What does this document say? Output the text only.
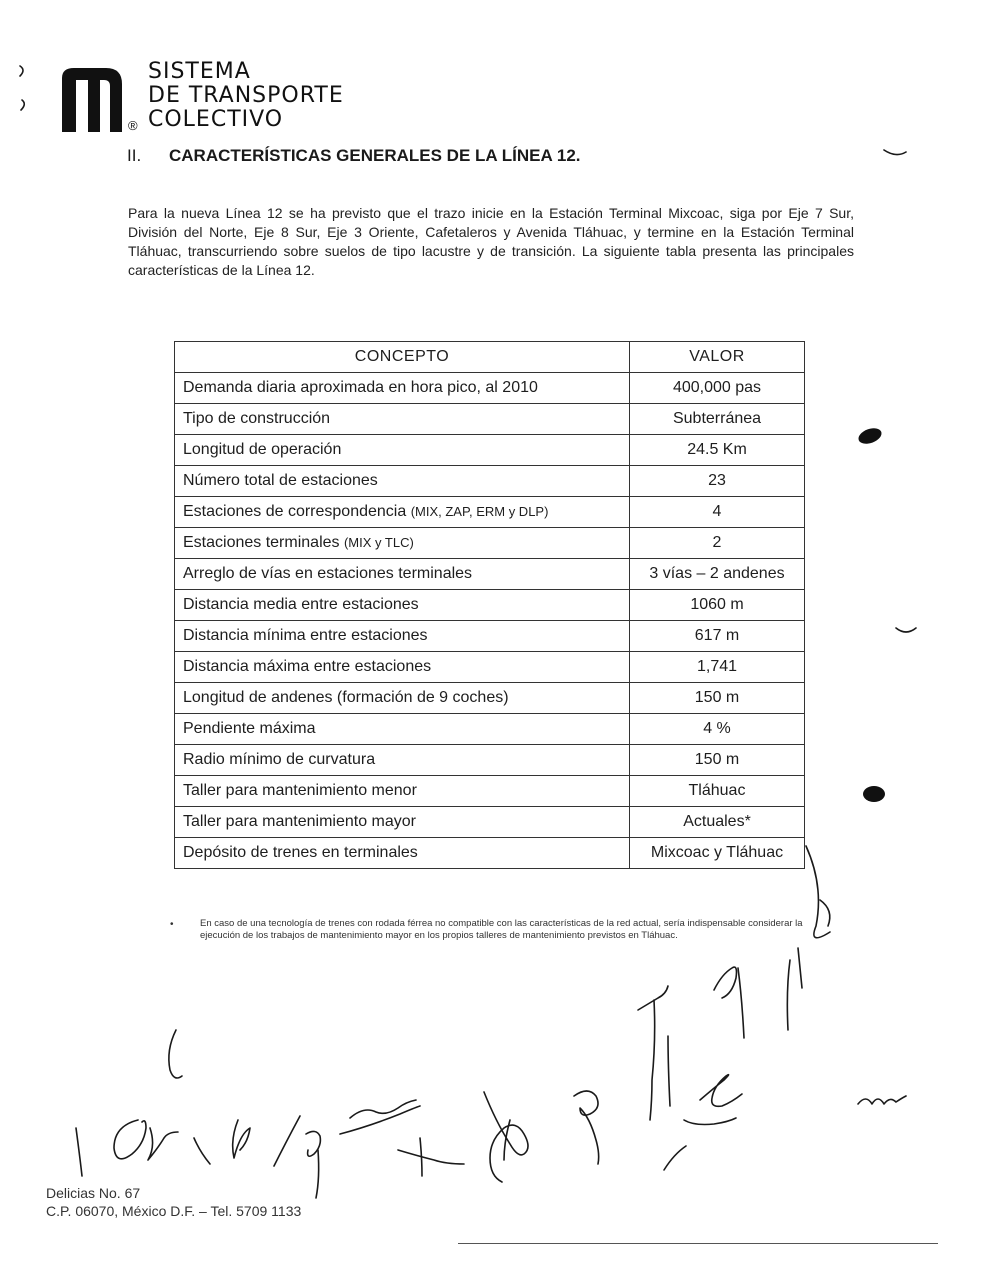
®
SISTEMA
DE TRANSPORTE
COLECTIVO
II. CARACTERÍSTICAS GENERALES DE LA LÍNEA 12.
Para la nueva Línea 12 se ha previsto que el trazo inicie en la Estación Terminal Mixcoac, siga por Eje 7 Sur, División del Norte, Eje 8 Sur, Eje 3 Oriente, Cafetaleros y Avenida Tláhuac, y termine en la Estación Terminal Tláhuac, transcurriendo sobre suelos de tipo lacustre y de transición. La siguiente tabla presenta las principales características de la Línea 12.
CONCEPTO	VALOR
Demanda diaria aproximada en hora pico, al 2010	400,000 pas
Tipo de construcción	Subterránea
Longitud de operación	24.5 Km
Número total de estaciones	23
Estaciones de correspondencia (MIX, ZAP, ERM y DLP)	4
Estaciones terminales (MIX y TLC)	2
Arreglo de vías en estaciones terminales	3 vías – 2 andenes
Distancia media entre estaciones	1060 m
Distancia mínima entre estaciones	617 m
Distancia máxima entre estaciones	1,741
Longitud de andenes (formación de 9 coches)	150 m
Pendiente máxima	4 %
Radio mínimo de curvatura	150 m
Taller para mantenimiento menor	Tláhuac
Taller para mantenimiento mayor	Actuales*
Depósito de trenes en terminales	Mixcoac y Tláhuac
•	En caso de una tecnología de trenes con rodada férrea no compatible con las características de la red actual, sería indispensable considerar la ejecución de los trabajos de mantenimiento mayor en los propios talleres de mantenimiento previstos en Tláhuac.
Delicias No. 67
C.P. 06070, México D.F. – Tel. 5709 1133
